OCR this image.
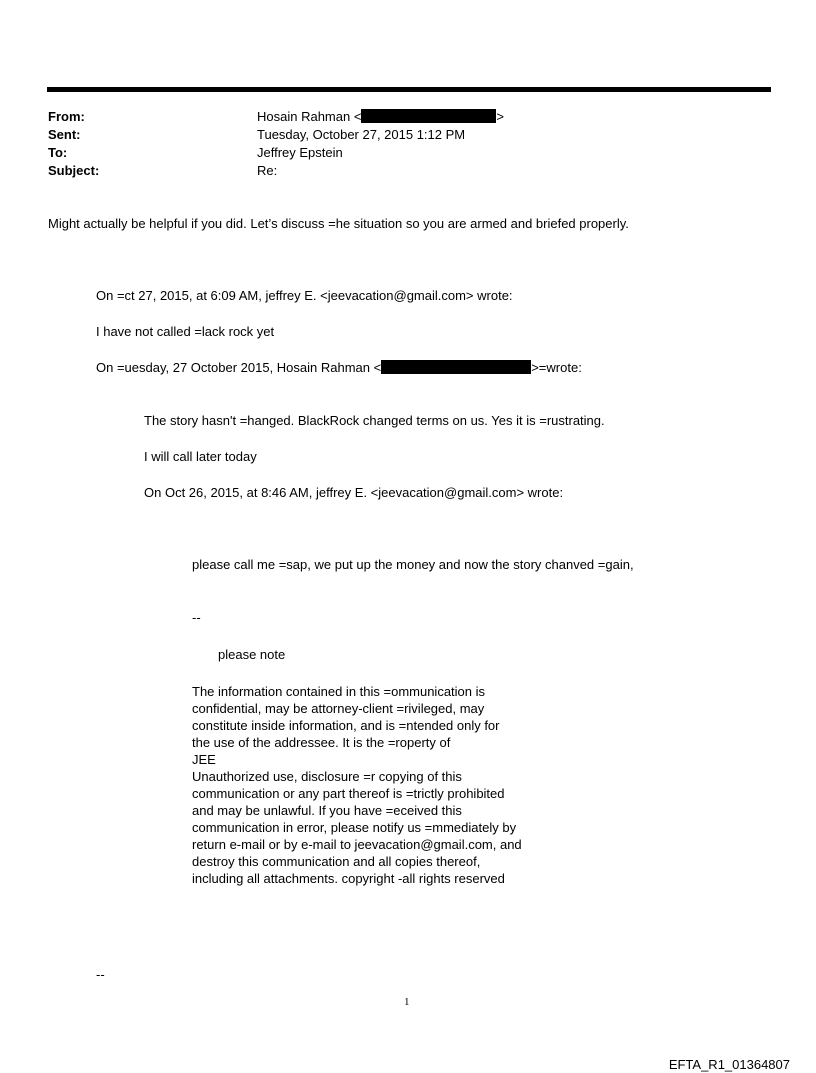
From:	Hosain Rahman <	>
Sent:	Tuesday, October 27, 2015 1:12 PM
To:	Jeffrey Epstein
Subject:	Re:
Might actually be helpful if you did. Let’s discuss =he situation so you are armed and briefed properly.
On =ct 27, 2015, at 6:09 AM, jeffrey E. <jeevacation@gmail.com> wrote:
I have not called =lack rock yet
On =uesday, 27 October 2015, Hosain Rahman <	>=wrote:
The story hasn't =hanged. BlackRock changed terms on us. Yes it is =rustrating.
I will call later today
On Oct 26, 2015, at 8:46 AM, jeffrey E. <jeevacation@gmail.com> wrote:
please call me =sap, we put up the money and now the story chanved =gain,
--
please note
The information contained in this =ommunication is
confidential, may be attorney-client =rivileged, may
constitute inside information, and is =ntended only for
the use of the addressee. It is the =roperty of
JEE
Unauthorized use, disclosure =r copying of this
communication or any part thereof is =trictly prohibited
and may be unlawful. If you have =eceived this
communication in error, please notify us =mmediately by
return e-mail or by e-mail to jeevacation@gmail.com, and
destroy this communication and all copies thereof,
including all attachments. copyright -all rights reserved
--
1
EFTA_R1_01364807
